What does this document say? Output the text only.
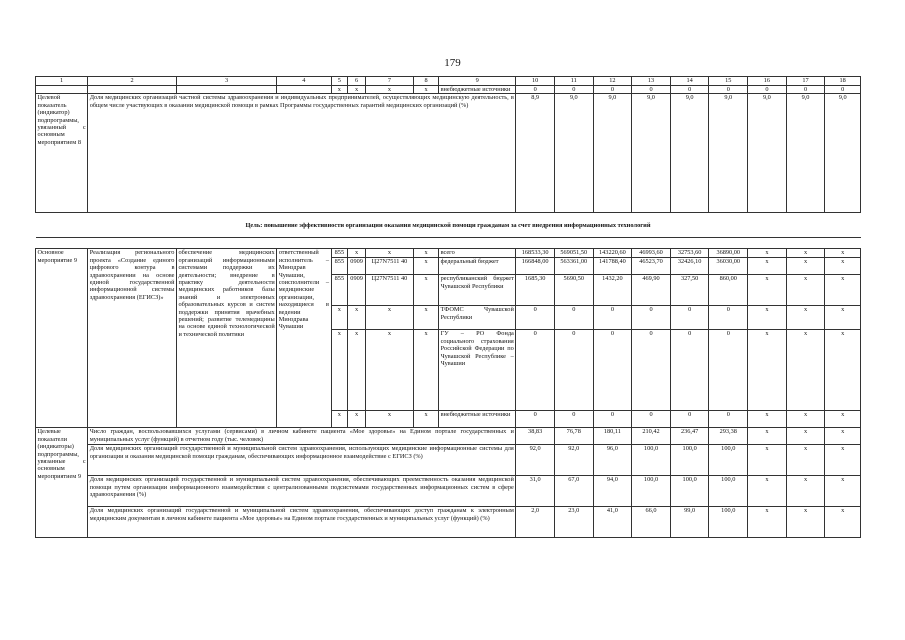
179
1	2	3	4	5	6	7	8	9	10	11	12	13	14	15	16	17	18
				x	x	x	x	внебюджетные источники	0	0	0	0	0	0	0	0	0
Целевой показатель (индикатор) подпрограммы, увязанный с основным мероприятием 8	Доля медицинских организаций частной системы здравоохранения и индивидуальных предпринимателей, осуществляющих медицинскую деятельность, в общем числе участвующих в оказании медицинской помощи в рамках Программы государственных гарантий медицинских организаций (%)								8,9	9,0	9,0	9,0	9,0	9,0	9,0	9,0	9,0
Цель: повышение эффективности организации оказания медицинской помощи гражданам за счет внедрения информационных технологий																	

Основное мероприятие 9	Реализация регионального проекта «Создание единого цифрового контура в здравоохранении на основе единой государственной информационной системы здравоохранения (ЕГИСЗ)»	обеспечение медицинских организаций информационными системами поддержки их деятельности; внедрение в практику деятельности медицинских работников базы знаний и электронных образовательных курсов и систем поддержки принятия врачебных решений; развитие телемедицины на основе единой технологической и технической политики	ответственный исполнитель – Минздрав Чувашии, соисполнители – медицинские организации, находящиеся в ведении Минздрава Чувашии	855	x	x	x	всего	168533,30	569051,50	143220,60	46993,60	32753,60	36890,00	x	x	x
				855	0909	Ц27N7511 40	x	федеральный бюджет	166848,00	563361,00	141788,40	46523,70	32426,10	36030,00	x	x	x
				855	0909	Ц27N7511 40	x	республиканский бюджет Чувашской Республики	1685,30	5690,50	1432,20	469,90	327,50	860,00	x	x	x
				x	x	x	x	ТФОМС Чувашской Республики	0	0	0	0	0	0	x	x	x
				x	x	x	x	ГУ – РО Фонда социального страхования Российской Федерации по Чувашской Республике – Чувашии	0	0	0	0	0	0	x	x	x
				x	x	x	x	внебюджетные источники	0	0	0	0	0	0	x	x	x
Целевые показатели (индикаторы) подпрограммы, увязанные с основным мероприятием 9	Число граждан, воспользовавшихся услугами (сервисами) в личном кабинете пациента «Мое здоровье» на Едином портале государственных и муниципальных услуг (функций) в отчетном году (тыс. человек)								38,83	76,78	180,11	210,42	236,47	293,38	x	x	x
	Доля медицинских организаций государственной и муниципальной систем здравоохранения, использующих медицинские информационные системы для организации и оказания медицинской помощи гражданам, обеспечивающих информационное взаимодействие с ЕГИСЗ (%)								92,0	92,0	96,0	100,0	100,0	100,0	x	x	x
	Доля медицинских организаций государственной и муниципальной систем здравоохранения, обеспечивающих преемственность оказания медицинской помощи путем организации информационного взаимодействия с централизованными подсистемами государственных информационных систем в сфере здравоохранения (%)								31,0	67,0	94,0	100,0	100,0	100,0	x	x	x
	Доля медицинских организаций государственной и муниципальной систем здравоохранения, обеспечивающих доступ гражданам к электронным медицинским документам в личном кабинете пациента «Мое здоровье» на Едином портале государственных и муниципальных услуг (функций) (%)								2,0	23,0	41,0	66,0	99,0	100,0	x	x	x
